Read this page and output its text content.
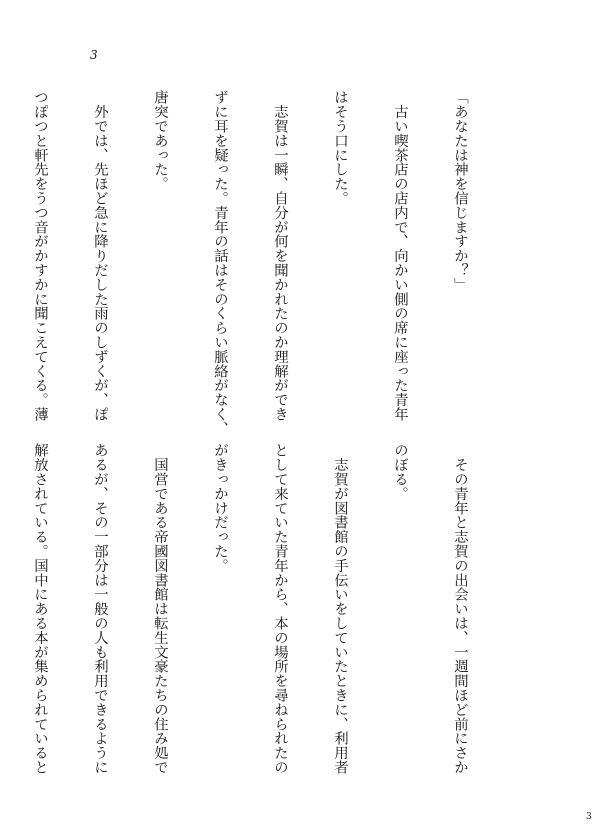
3

「あなたは神を信じますか？」

　古い喫茶店の店内で、向かい側の席に座った青年

はそう口にした。

　志賀は一瞬、自分が何を聞かれたのか理解ができ

ずに耳を疑った。青年の話はそのくらい脈絡がなく、

唐突であった。

　外では、先ほど急に降りだした雨のしずくが、ぽ

つぽつと軒先をうつ音がかすかに聞こえてくる。薄

　その青年と志賀の出会いは、一週間ほど前にさか

のぼる。

　志賀が図書館の手伝いをしていたときに、利用者

として来ていた青年から、本の場所を尋ねられたの

がきっかけだった。

　国営である帝國図書館は転生文豪たちの住み処で

あるが、その一部分は一般の人も利用できるように

解放されている。国中にある本が集められていると

3
